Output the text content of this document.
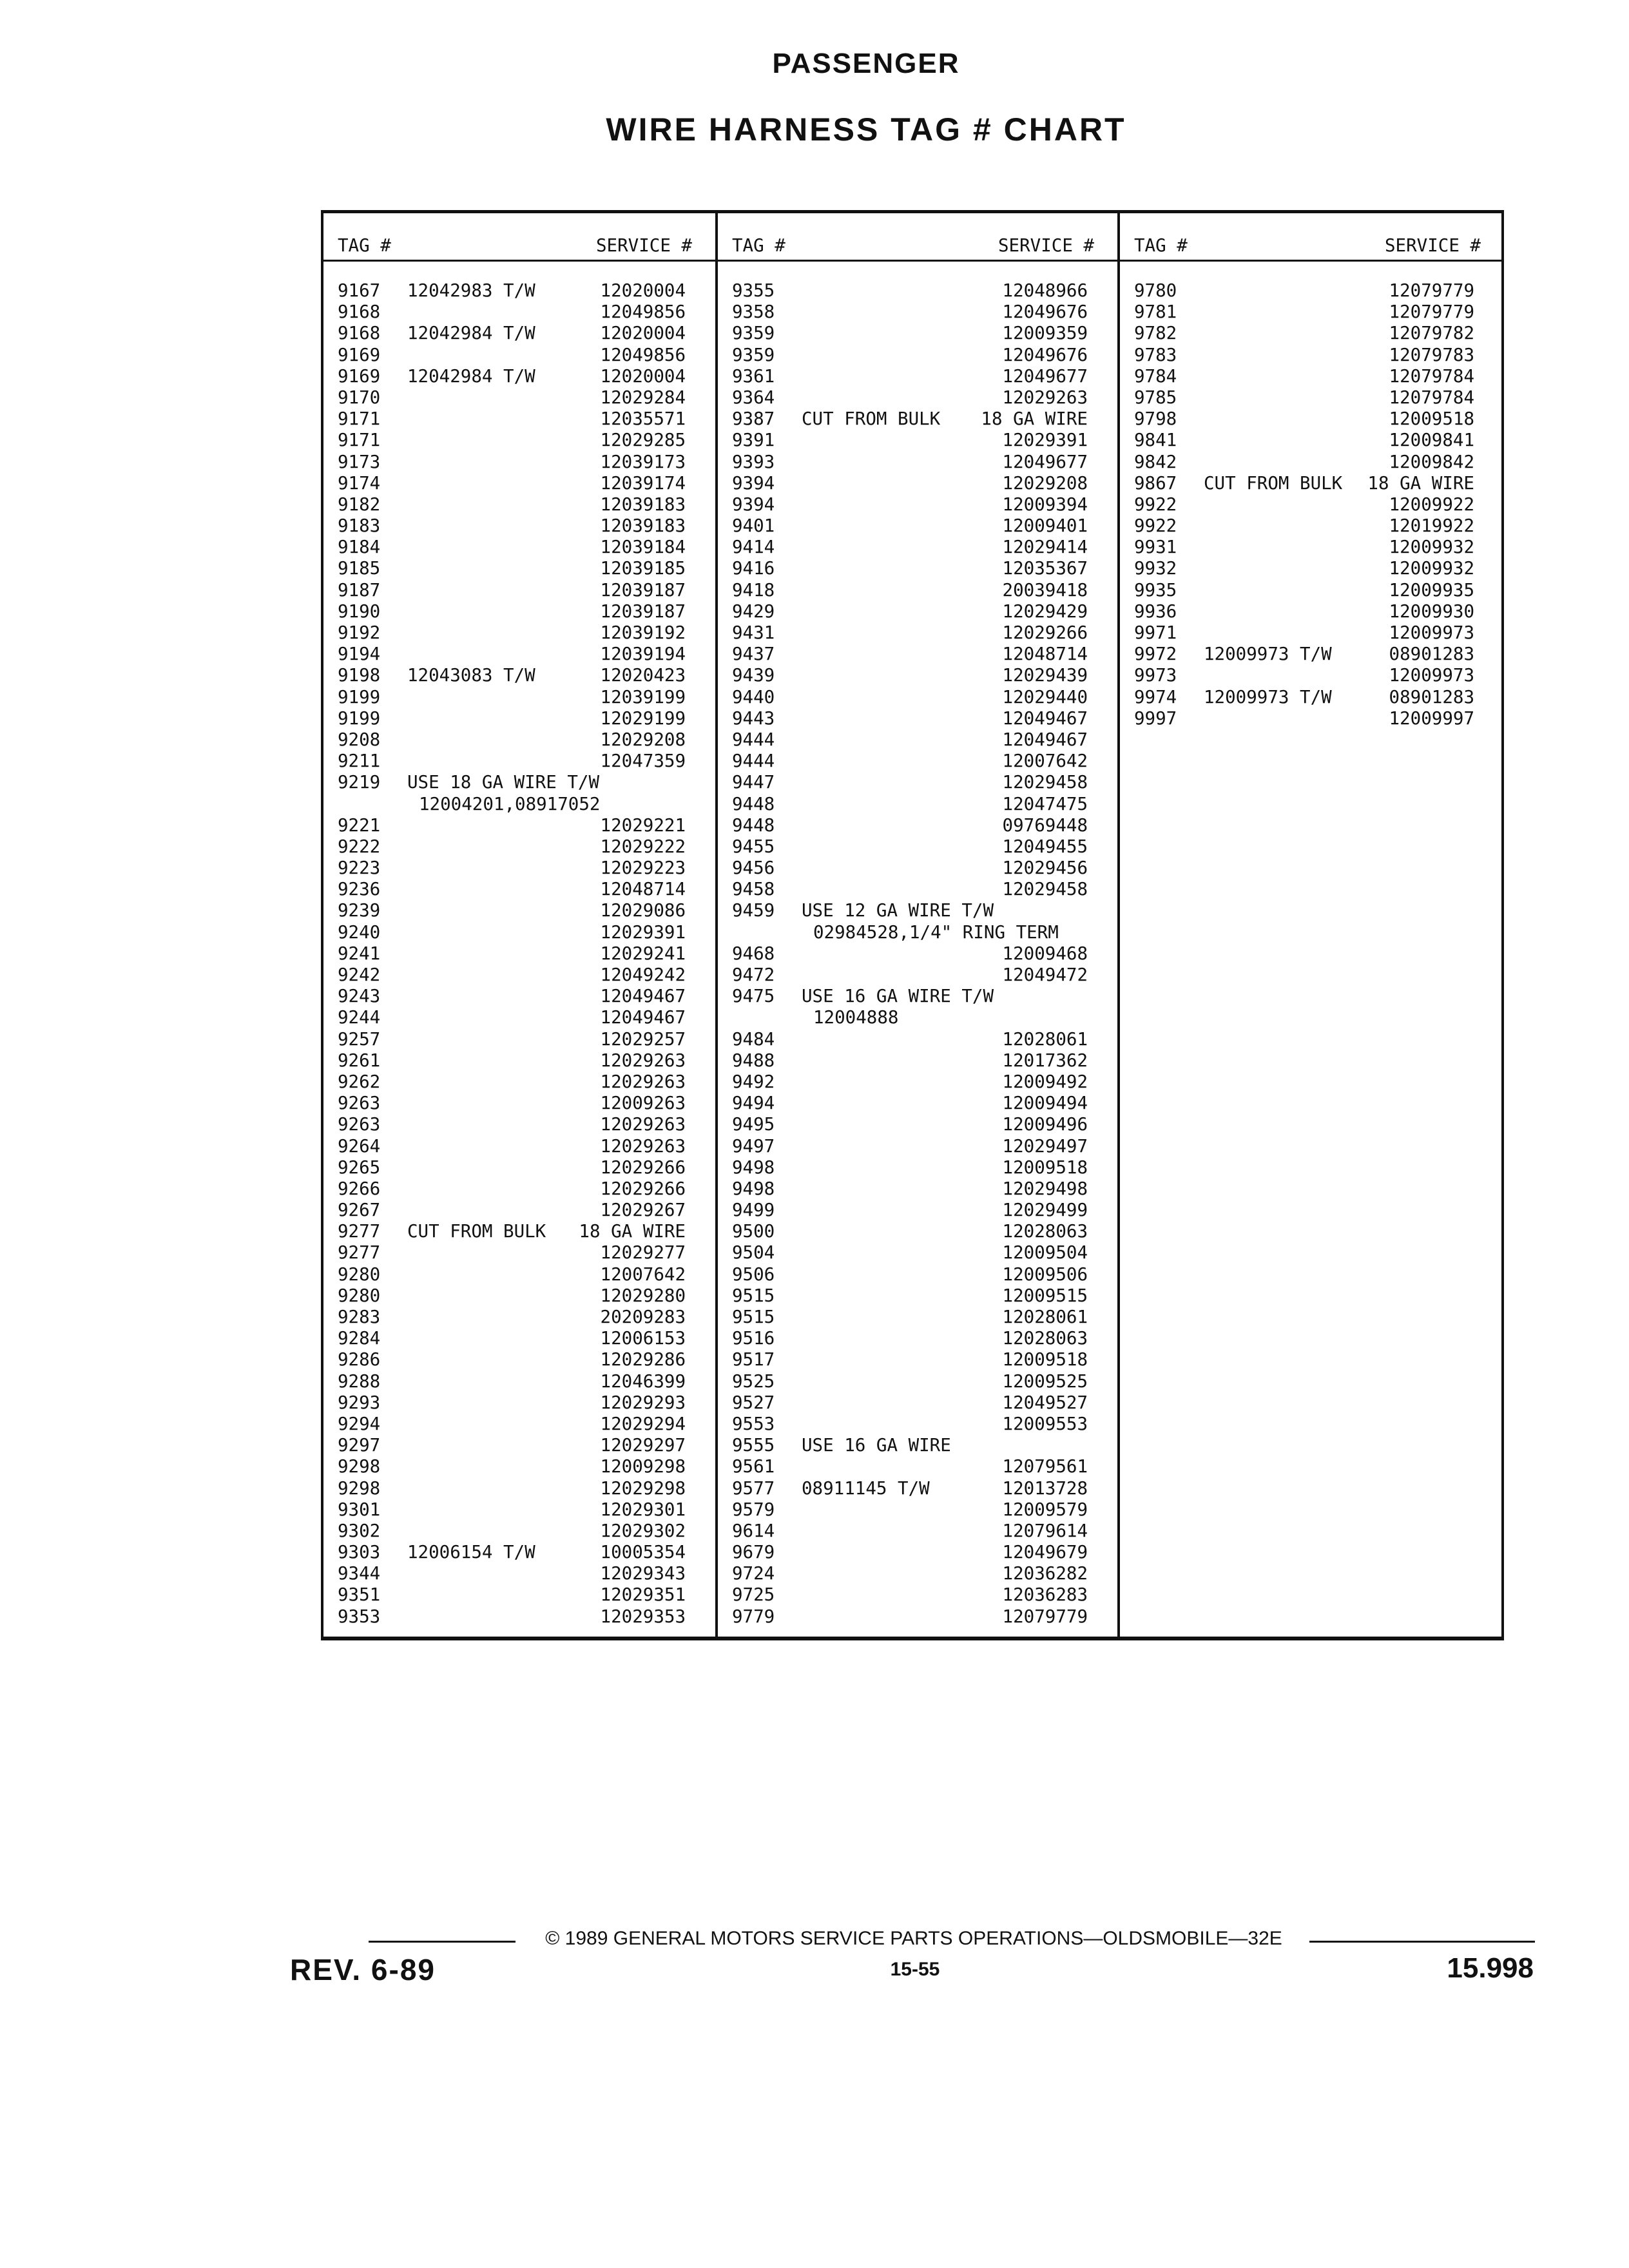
PASSENGER
WIRE HARNESS TAG # CHART
TAG #	SERVICE #
9167 12042983 T/W	12020004
9168	12049856
9168 12042984 T/W	12020004
9169	12049856
9169 12042984 T/W	12020004
9170	12029284
9171	12035571
9171	12029285
9173	12039173
9174	12039174
9182	12039183
9183	12039183
9184	12039184
9185	12039185
9187	12039187
9190	12039187
9192	12039192
9194	12039194
9198 12043083 T/W	12020423
9199	12039199
9199	12029199
9208	12029208
9211	12047359
9219 USE 18 GA WIRE T/W
12004201,08917052
9221	12029221
9222	12029222
9223	12029223
9236	12048714
9239	12029086
9240	12029391
9241	12029241
9242	12049242
9243	12049467
9244	12049467
9257	12029257
9261	12029263
9262	12029263
9263	12009263
9263	12029263
9264	12029263
9265	12029266
9266	12029266
9267	12029267
9277 CUT FROM BULK 18 GA WIRE
9277	12029277
9280	12007642
9280	12029280
9283	20209283
9284	12006153
9286	12029286
9288	12046399
9293	12029293
9294	12029294
9297	12029297
9298	12009298
9298	12029298
9301	12029301
9302	12029302
9303 12006154 T/W	10005354
9344	12029343
9351	12029351
9353	12029353
TAG #	SERVICE #
9355	12048966
9358	12049676
9359	12009359
9359	12049676
9361	12049677
9364	12029263
9387 CUT FROM BULK 18 GA WIRE
9391	12029391
9393	12049677
9394	12029208
9394	12009394
9401	12009401
9414	12029414
9416	12035367
9418	20039418
9429	12029429
9431	12029266
9437	12048714
9439	12029439
9440	12029440
9443	12049467
9444	12049467
9444	12007642
9447	12029458
9448	12047475
9448	09769448
9455	12049455
9456	12029456
9458	12029458
9459 USE 12 GA WIRE T/W
02984528,1/4" RING TERM
9468	12009468
9472	12049472
9475 USE 16 GA WIRE T/W
12004888
9484	12028061
9488	12017362
9492	12009492
9494	12009494
9495	12009496
9497	12029497
9498	12009518
9498	12029498
9499	12029499
9500	12028063
9504	12009504
9506	12009506
9515	12009515
9515	12028061
9516	12028063
9517	12009518
9525	12009525
9527	12049527
9553	12009553
9555 USE 16 GA WIRE
9561	12079561
9577 08911145 T/W	12013728
9579	12009579
9614	12079614
9679	12049679
9724	12036282
9725	12036283
9779	12079779
TAG #	SERVICE #
9780	12079779
9781	12079779
9782	12079782
9783	12079783
9784	12079784
9785	12079784
9798	12009518
9841	12009841
9842	12009842
9867 CUT FROM BULK 18 GA WIRE
9922	12009922
9922	12019922
9931	12009932
9932	12009932
9935	12009935
9936	12009930
9971	12009973
9972 12009973 T/W	08901283
9973	12009973
9974 12009973 T/W	08901283
9997	12009997
© 1989 GENERAL MOTORS SERVICE PARTS OPERATIONS—OLDSMOBILE—32E
REV. 6-89	15-55	15.998
